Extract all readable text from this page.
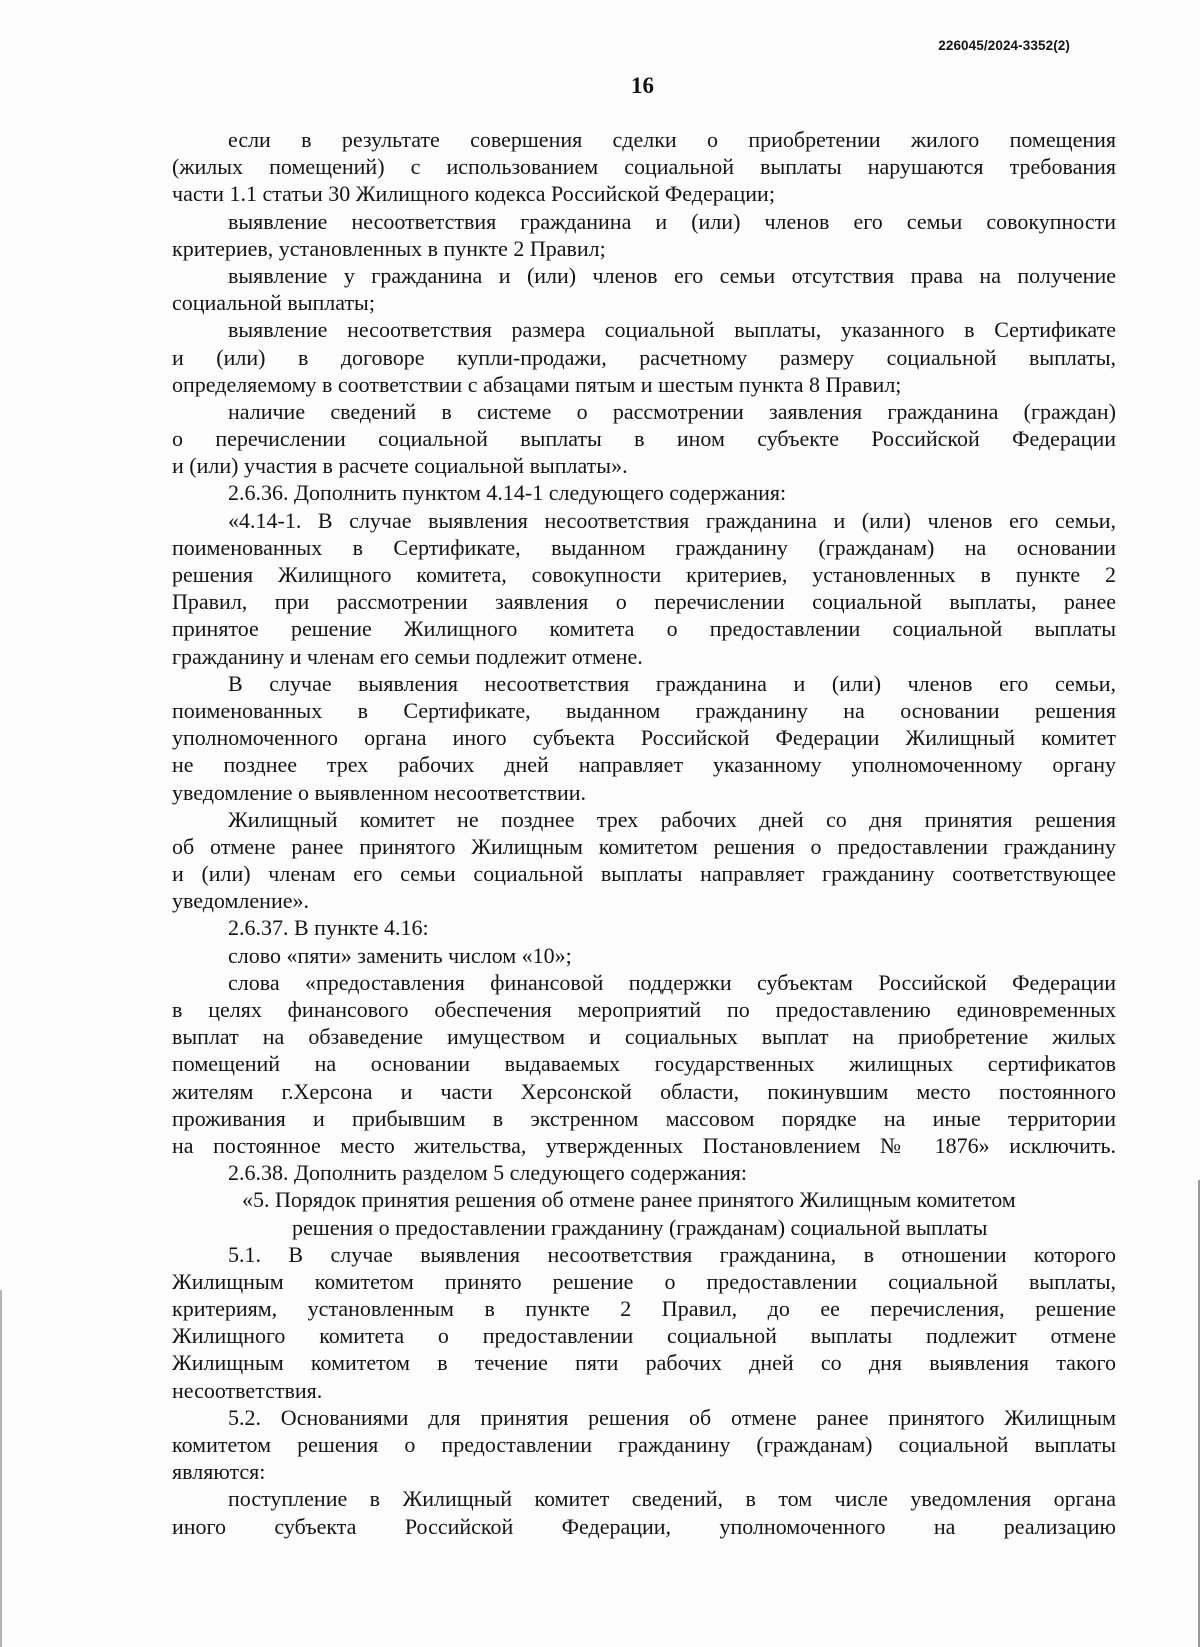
226045/2024-3352(2)
16
если в результате совершения сделки о приобретении жилого помещения
(жилых помещений) с использованием социальной выплаты нарушаются требования
части 1.1 статьи 30 Жилищного кодекса Российской Федерации;
выявление несоответствия гражданина и (или) членов его семьи совокупности
критериев, установленных в пункте 2 Правил;
выявление у гражданина и (или) членов его семьи отсутствия права на получение
социальной выплаты;
выявление несоответствия размера социальной выплаты, указанного в Сертификате
и (или) в договоре купли-продажи, расчетному размеру социальной выплаты,
определяемому в соответствии с абзацами пятым и шестым пункта 8 Правил;
наличие сведений в системе о рассмотрении заявления гражданина (граждан)
о перечислении социальной выплаты в ином субъекте Российской Федерации
и (или) участия в расчете социальной выплаты».
2.6.36. Дополнить пунктом 4.14-1 следующего содержания:
«4.14-1. В случае выявления несоответствия гражданина и (или) членов его семьи,
поименованных в Сертификате, выданном гражданину (гражданам) на основании
решения Жилищного комитета, совокупности критериев, установленных в пункте 2
Правил, при рассмотрении заявления о перечислении социальной выплаты, ранее
принятое решение Жилищного комитета о предоставлении социальной выплаты
гражданину и членам его семьи подлежит отмене.
В случае выявления несоответствия гражданина и (или) членов его семьи,
поименованных в Сертификате, выданном гражданину на основании решения
уполномоченного органа иного субъекта Российской Федерации Жилищный комитет
не позднее трех рабочих дней направляет указанному уполномоченному органу
уведомление о выявленном несоответствии.
Жилищный комитет не позднее трех рабочих дней со дня принятия решения
об отмене ранее принятого Жилищным комитетом решения о предоставлении гражданину
и (или) членам его семьи социальной выплаты направляет гражданину соответствующее
уведомление».
2.6.37. В пункте 4.16:
слово «пяти» заменить числом «10»;
слова «предоставления финансовой поддержки субъектам Российской Федерации
в целях финансового обеспечения мероприятий по предоставлению единовременных
выплат на обзаведение имуществом и социальных выплат на приобретение жилых
помещений на основании выдаваемых государственных жилищных сертификатов
жителям г.Херсона и части Херсонской области, покинувшим место постоянного
проживания и прибывшим в экстренном массовом порядке на иные территории
на постоянное место жительства, утвержденных Постановлением № 1876» исключить.
2.6.38. Дополнить разделом 5 следующего содержания:
«5. Порядок принятия решения об отмене ранее принятого Жилищным комитетом
решения о предоставлении гражданину (гражданам) социальной выплаты
5.1. В случае выявления несоответствия гражданина, в отношении которого
Жилищным комитетом принято решение о предоставлении социальной выплаты,
критериям, установленным в пункте 2 Правил, до ее перечисления, решение
Жилищного комитета о предоставлении социальной выплаты подлежит отмене
Жилищным комитетом в течение пяти рабочих дней со дня выявления такого
несоответствия.
5.2. Основаниями для принятия решения об отмене ранее принятого Жилищным
комитетом решения о предоставлении гражданину (гражданам) социальной выплаты
являются:
поступление в Жилищный комитет сведений, в том числе уведомления органа
иного субъекта Российской Федерации, уполномоченного на реализацию
